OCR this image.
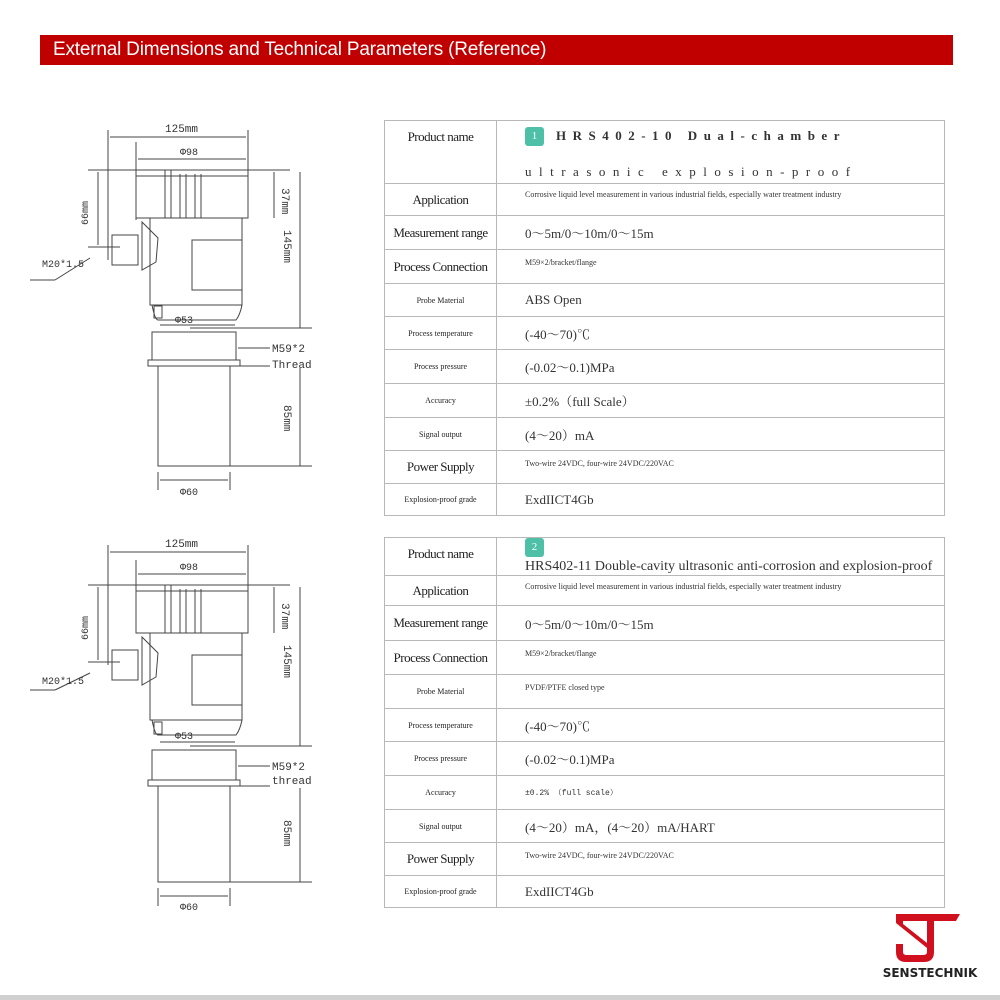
External Dimensions and Technical Parameters (Reference)
125mm
Φ98
37mm
145mm
66mm
M20*1.5
Φ53
M59*2
Thread
85mm
Φ60
125mm
Φ98
37mm
145mm
66mm
M20*1.5
Φ53
M59*2
thread
85mm
Φ60
Product name	1 HRS402-10 Dual-chamber
ultrasonic explosion-proof

Application	Corrosive liquid level measurement in various industrial fields, especially water treatment industry
Measurement range	0～5m/0～10m/0～15m
Process Connection	M59×2/bracket/flange
Probe Material	ABS Open
Process temperature	(-40～70)℃
Process pressure	(-0.02～0.1)MPa
Accuracy	±0.2%（full Scale）
Signal output	(4～20）mA
Power Supply	Two-wire 24VDC, four-wire 24VDC/220VAC
Explosion-proof grade	ExdIICT4Gb
Product name	2HRS402-11 Double-cavity ultrasonic anti-corrosion and explosion-proof
Application	Corrosive liquid level measurement in various industrial fields, especially water treatment industry
Measurement range	0～5m/0～10m/0～15m
Process Connection	M59×2/bracket/flange
Probe Material	PVDF/PTFE closed type
Process temperature	(-40～70)℃
Process pressure	(-0.02～0.1)MPa
Accuracy	±0.2% （full scale）
Signal output	(4～20）mA，(4～20）mA/HART
Power Supply	Two-wire 24VDC, four-wire 24VDC/220VAC
Explosion-proof grade	ExdIICT4Gb
SENSTECHNIK
